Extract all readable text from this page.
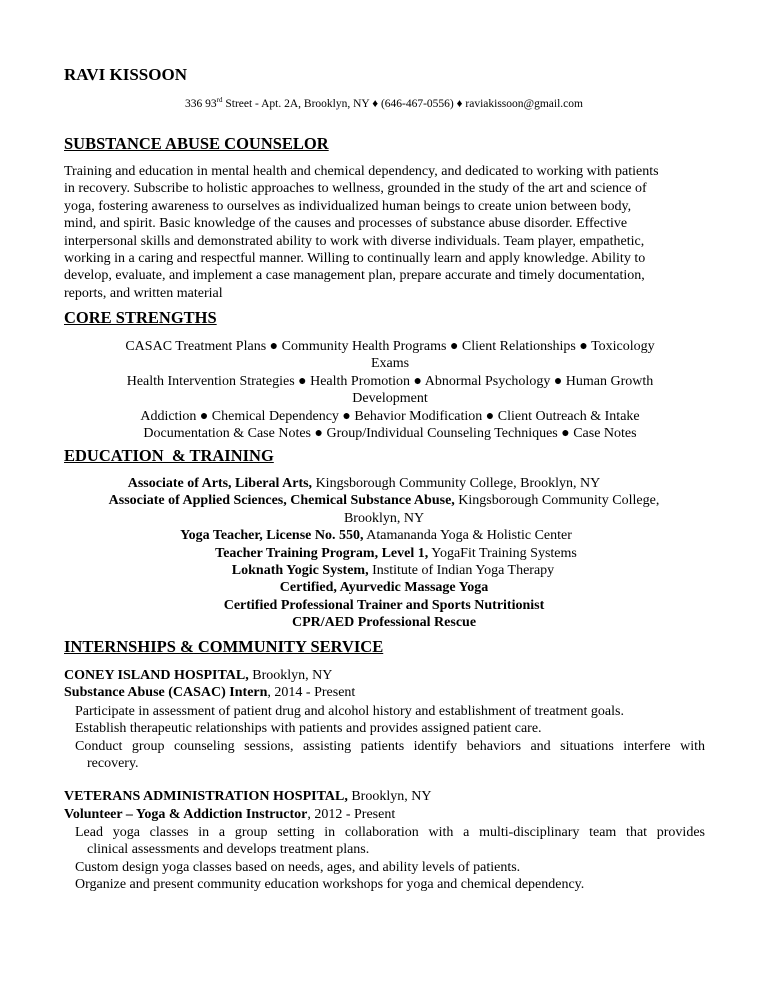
RAVI KISSOON
336 93rd Street - Apt. 2A, Brooklyn, NY ♦ (646-467-0556) ♦ raviakissoon@gmail.com
SUBSTANCE ABUSE COUNSELOR
Training and education in mental health and chemical dependency, and dedicated to working with patients
in recovery. Subscribe to holistic approaches to wellness, grounded in the study of the art and science of
yoga, fostering awareness to ourselves as individualized human beings to create union between body,
mind, and spirit. Basic knowledge of the causes and processes of substance abuse disorder. Effective
interpersonal skills and demonstrated ability to work with diverse individuals. Team player, empathetic,
working in a caring and respectful manner. Willing to continually learn and apply knowledge. Ability to
develop, evaluate, and implement a case management plan, prepare accurate and timely documentation,
reports, and written material
CORE STRENGTHS
CASAC Treatment Plans ● Community Health Programs ● Client Relationships ● Toxicology
Exams
Health Intervention Strategies ● Health Promotion ● Abnormal Psychology ● Human Growth
Development
Addiction ● Chemical Dependency ● Behavior Modification ● Client Outreach & Intake
Documentation & Case Notes ● Group/Individual Counseling Techniques ● Case Notes
EDUCATION  & TRAINING
Associate of Arts, Liberal Arts, Kingsborough Community College, Brooklyn, NY
Associate of Applied Sciences, Chemical Substance Abuse, Kingsborough Community College,
Brooklyn, NY
Yoga Teacher, License No. 550, Atamananda Yoga & Holistic Center
Teacher Training Program, Level 1, YogaFit Training Systems
Loknath Yogic System, Institute of Indian Yoga Therapy
Certified, Ayurvedic Massage Yoga
Certified Professional Trainer and Sports Nutritionist
CPR/AED Professional Rescue
INTERNSHIPS & COMMUNITY SERVICE
CONEY ISLAND HOSPITAL, Brooklyn, NY
Substance Abuse (CASAC) Intern, 2014 - Present
Participate in assessment of patient drug and alcohol history and establishment of treatment goals.
Establish therapeutic relationships with patients and provides assigned patient care.
Conduct group counseling sessions, assisting patients identify behaviors and situations interfere with
recovery.
VETERANS ADMINISTRATION HOSPITAL, Brooklyn, NY
Volunteer – Yoga & Addiction Instructor, 2012 - Present
Lead yoga classes in a group setting in collaboration with a multi-disciplinary team that provides
clinical assessments and develops treatment plans.
Custom design yoga classes based on needs, ages, and ability levels of patients.
Organize and present community education workshops for yoga and chemical dependency.
